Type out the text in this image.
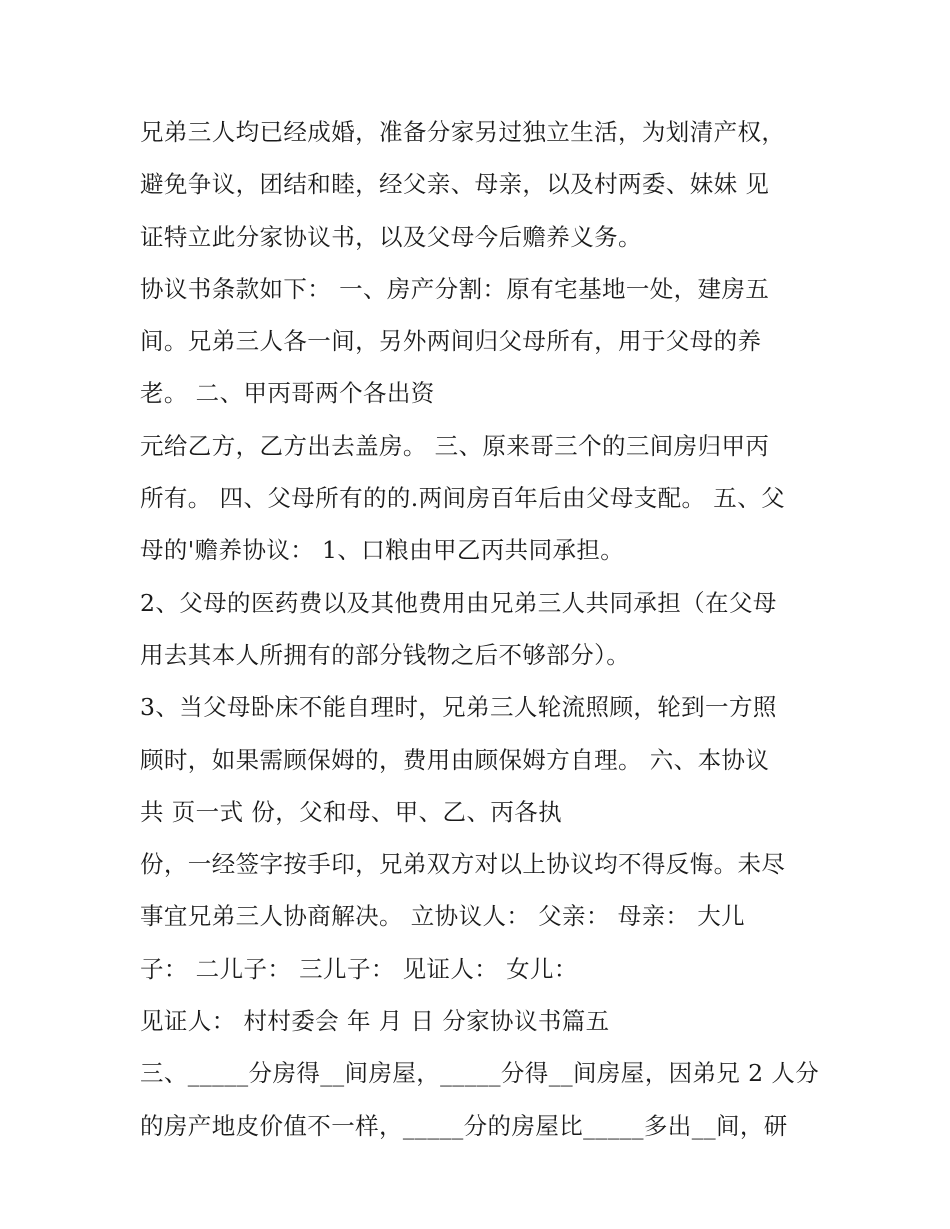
兄弟三人均已经成婚，准备分家另过独立生活，为划清产权，
避免争议，团结和睦，经父亲、母亲，以及村两委、妹妹 见
证特立此分家协议书，以及父母今后赡养义务。
协议书条款如下： 一、房产分割：原有宅基地一处，建房五
间。兄弟三人各一间，另外两间归父母所有，用于父母的养
老。 二、甲丙哥两个各出资
元给乙方，乙方出去盖房。 三、原来哥三个的三间房归甲丙
所有。 四、父母所有的的.两间房百年后由父母支配。 五、父
母的'赡养协议： 1、口粮由甲乙丙共同承担。
2、父母的医药费以及其他费用由兄弟三人共同承担（在父母
用去其本人所拥有的部分钱物之后不够部分）。
3、当父母卧床不能自理时，兄弟三人轮流照顾，轮到一方照
顾时，如果需顾保姆的，费用由顾保姆方自理。 六、本协议
共 页一式 份，父和母、甲、乙、丙各执
份，一经签字按手印，兄弟双方对以上协议均不得反悔。未尽
事宜兄弟三人协商解决。 立协议人： 父亲： 母亲： 大儿
子： 二儿子： 三儿子： 见证人： 女儿：
见证人： 村村委会 年 月 日 分家协议书篇五
三、_____分房得__间房屋，_____分得__间房屋，因弟兄 2 人分
的房产地皮价值不一样，_____分的房屋比_____多出__间，研
